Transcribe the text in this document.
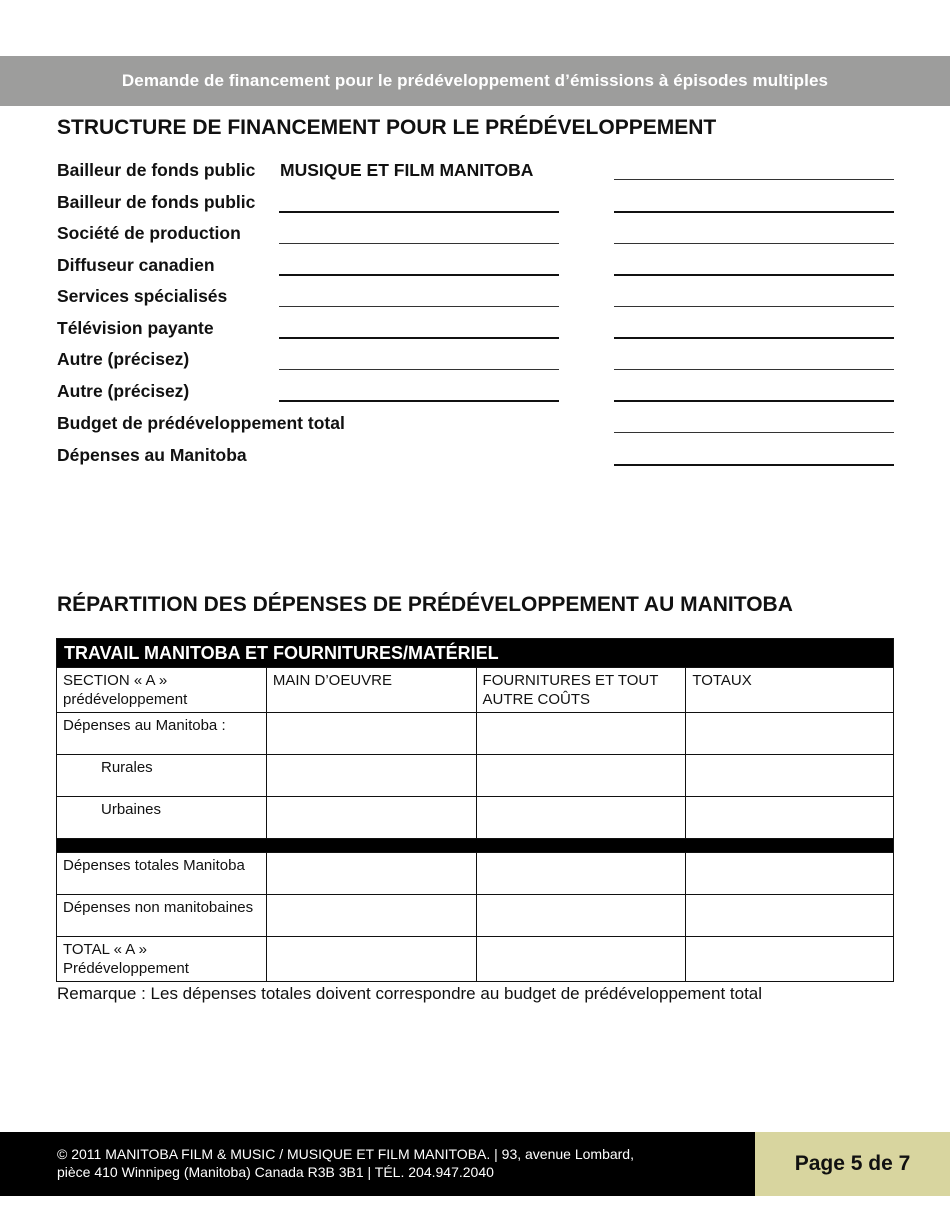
Demande de financement pour le prédéveloppement d’émissions à épisodes multiples
STRUCTURE DE FINANCEMENT POUR LE PRÉDÉVELOPPEMENT
Bailleur de fonds public MUSIQUE ET FILM MANITOBA
Bailleur de fonds public
Société de production
Diffuseur canadien
Services spécialisés
Télévision payante
Autre (précisez)
Autre (précisez)
Budget de prédéveloppement total
Dépenses au Manitoba
RÉPARTITION DES DÉPENSES DE PRÉDÉVELOPPEMENT AU MANITOBA
TRAVAIL MANITOBA ET FOURNITURES/MATÉRIEL			
SECTION « A » prédéveloppement	MAIN D’OEUVRE	FOURNITURES ET TOUT AUTRE COÛTS	TOTAUX
Dépenses au Manitoba :			
Rurales			
Urbaines			

Dépenses totales Manitoba			
Dépenses non manitobaines			
TOTAL « A » Prédéveloppement			
Remarque : Les dépenses totales doivent correspondre au budget de prédéveloppement total
© 2011 MANITOBA FILM & MUSIC / MUSIQUE ET FILM MANITOBA. | 93, avenue Lombard,
pièce 410 Winnipeg (Manitoba) Canada R3B 3B1 | TÉL. 204.947.2040	Page 5 de 7
